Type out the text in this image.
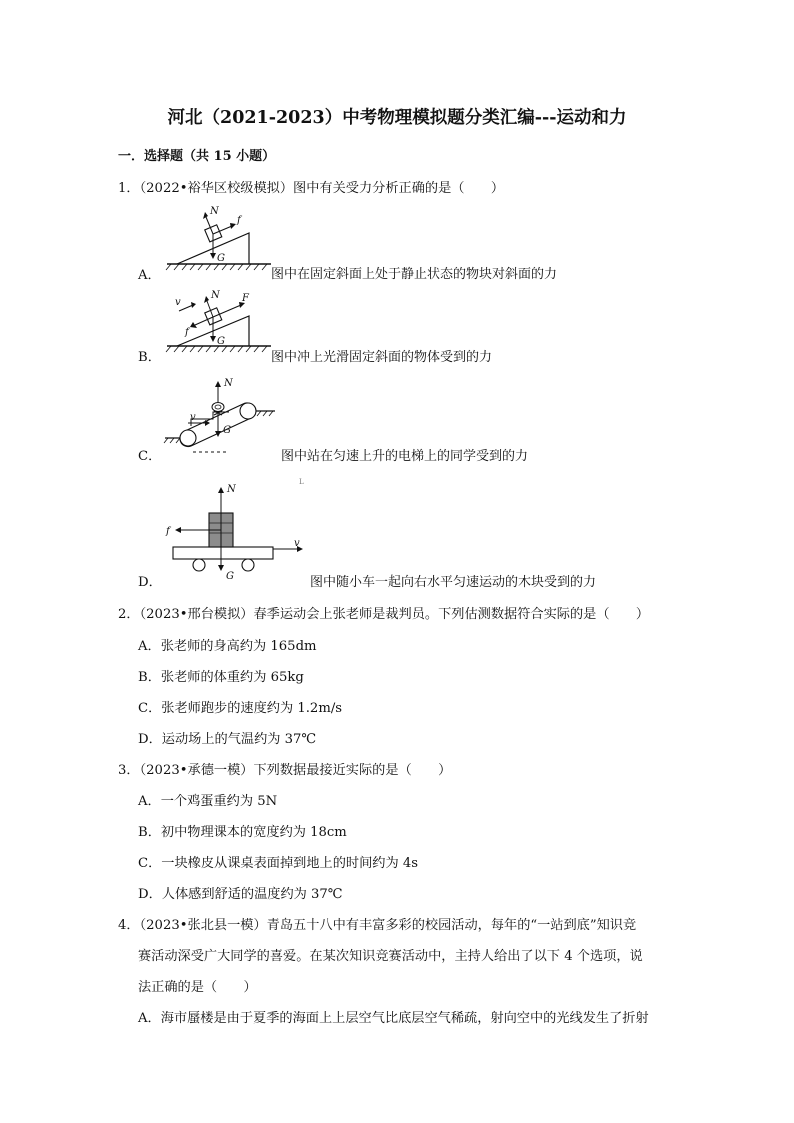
河北（2021-2023）中考物理模拟题分类汇编---运动和力
一．选择题（共 15 小题）
1．（2022•裕华区校级模拟）图中有关受力分析正确的是（　　）
N
f
G
A．	图中在固定斜面上处于静止状态的物块对斜面的力
N F
v
f
G
B．	图中冲上光滑固定斜面的物体受到的力
N
v
G
C．	图中站在匀速上升的电梯上的同学受到的力
L
N
f
v
G
D．	图中随小车一起向右水平匀速运动的木块受到的力
2．（2023•邢台模拟）春季运动会上张老师是裁判员。下列估测数据符合实际的是（　　）
A．张老师的身高约为 165dm
B．张老师的体重约为 65kg
C．张老师跑步的速度约为 1.2m/s
D．运动场上的气温约为 37℃
3．（2023•承德一模）下列数据最接近实际的是（　　）
A．一个鸡蛋重约为 5N
B．初中物理课本的宽度约为 18cm
C．一块橡皮从课桌表面掉到地上的时间约为 4s
D．人体感到舒适的温度约为 37℃
4．（2023•张北县一模）青岛五十八中有丰富多彩的校园活动，每年的“一站到底”知识竞
赛活动深受广大同学的喜爱。在某次知识竞赛活动中，主持人给出了以下 4 个选项，说
法正确的是（　　）
A．海市蜃楼是由于夏季的海面上上层空气比底层空气稀疏，射向空中的光线发生了折射
